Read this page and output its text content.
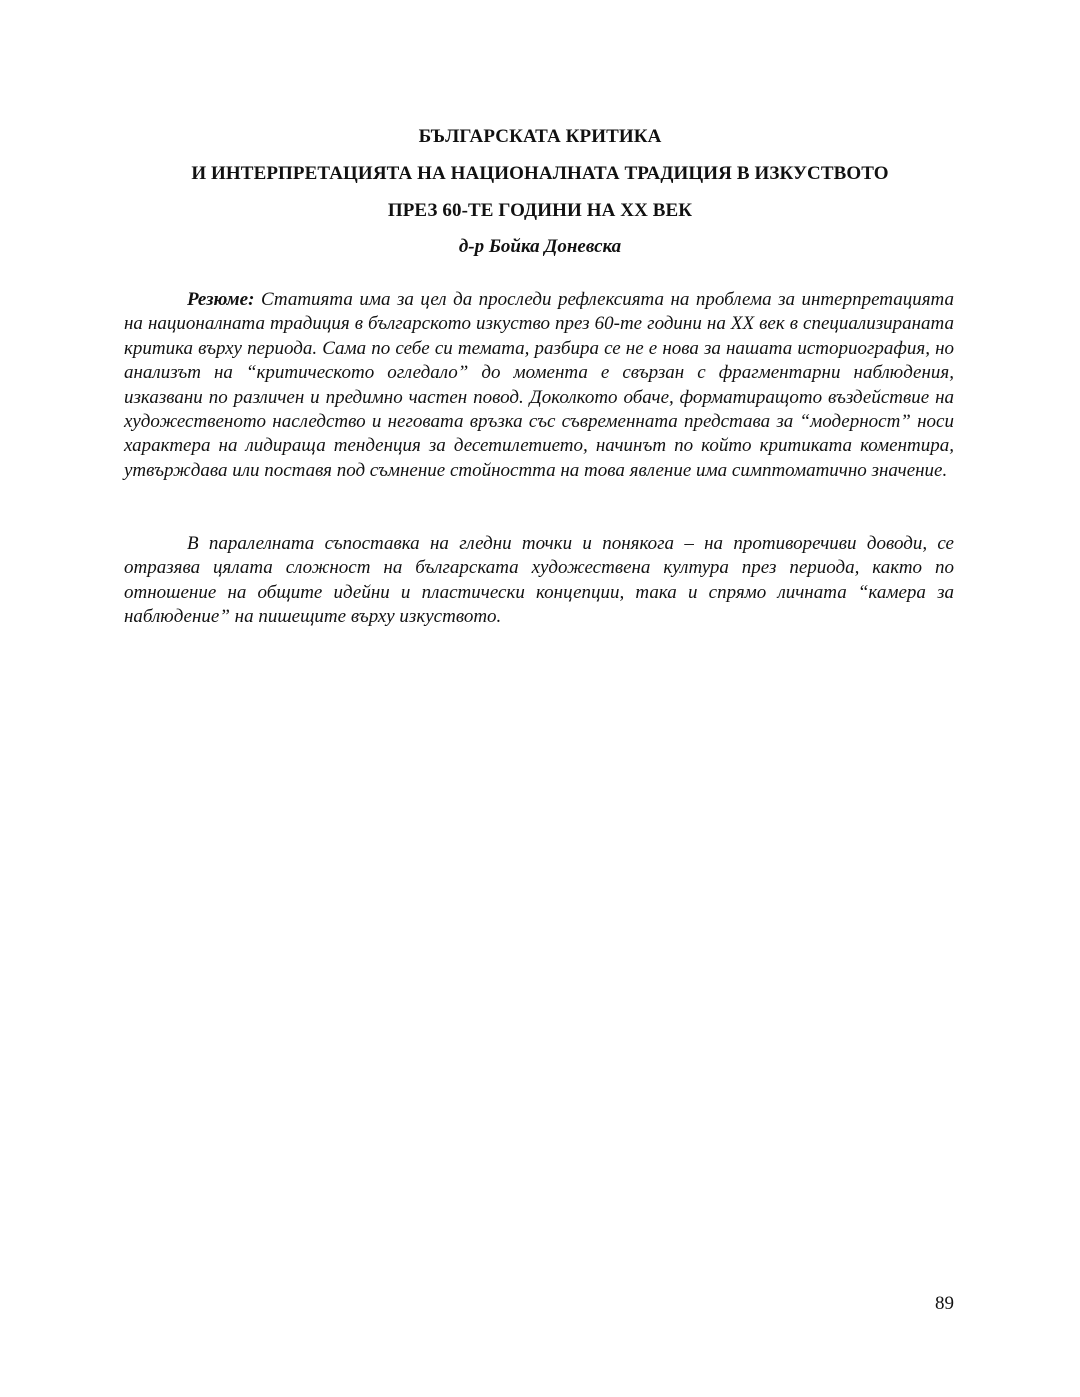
БЪЛГАРСКАТА КРИТИКА
И ИНТЕРПРЕТАЦИЯТА НА НАЦИОНАЛНАТА ТРАДИЦИЯ В ИЗКУСТВОТО
ПРЕЗ 60-ТЕ ГОДИНИ НА ХХ ВЕК
д-р Бойка Доневска

Резюме: Статията има за цел да проследи рефлексията на проблема за интерпретацията на националната традиция в българското изкуство през 60-те години на ХХ век в специализираната критика върху периода. Сама по себе си темата, разбира се не е нова за нашата историография, но анализът на “критическото огледало” до момента е свързан с фрагментарни наблюдения, изказвани по различен и предимно частен повод. Доколкото обаче, форматиращото въздействие на художественото наследство и неговата връзка със съвременната представа за “модерност” носи характера на лидираща тенденция за десетилетието, начинът по който критиката коментира, утвърждава или поставя под съмнение стойността на това явление има симптоматично значение.

В паралелната съпоставка на гледни точки и понякога – на противоречиви доводи, се отразява цялата сложност на българската художествена култура през периода, както по отношение на общите идейни и пластически концепции, така и спрямо личната “камера за наблюдение” на пишещите върху изкуството.

89
